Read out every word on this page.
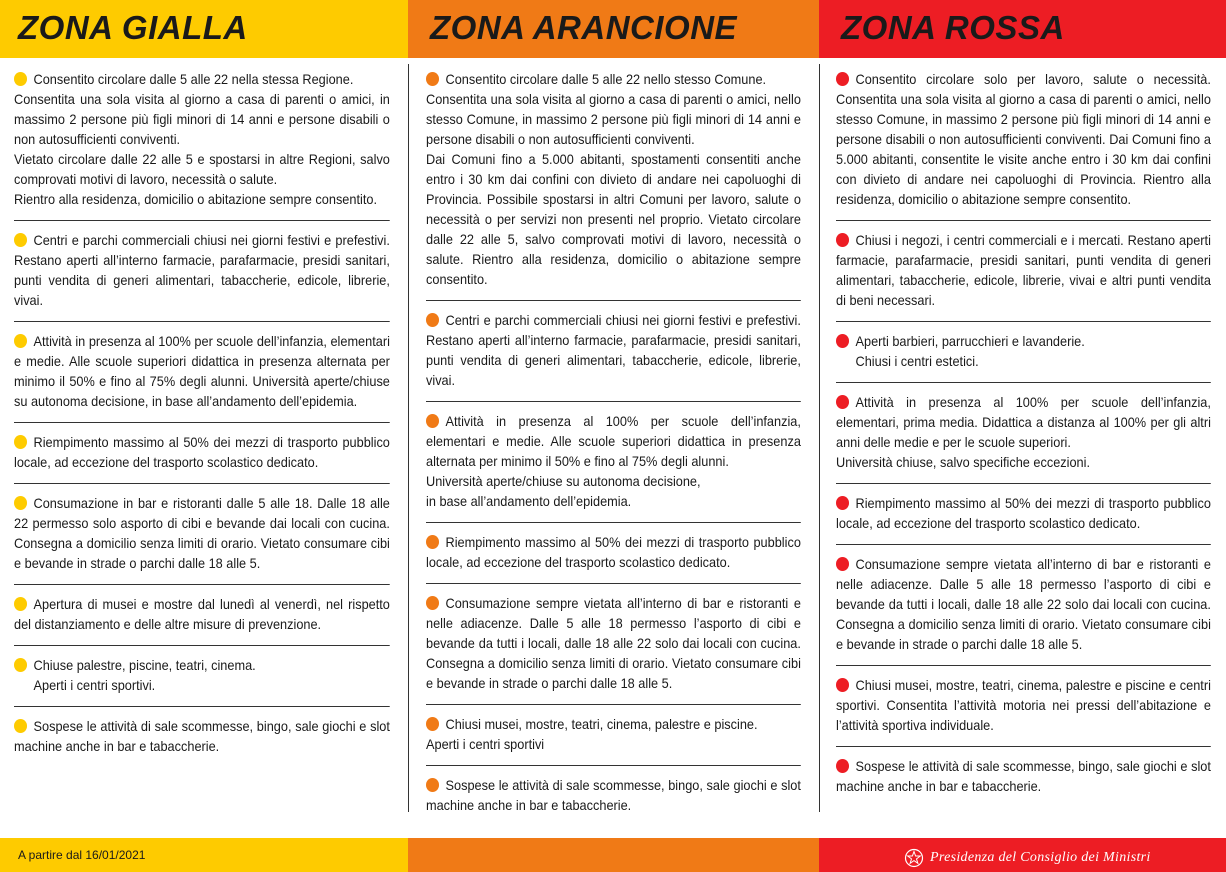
ZONA GIALLA	ZONA ARANCIONE	ZONA ROSSA

Consentito circolare dalle 5 alle 22 nella stessa Regione.

Consentita una sola visita al giorno a casa di parenti o amici, in massimo 2 persone più figli minori di 14 anni e persone disabili o non autosufficienti conviventi.

Vietato circolare dalle 22 alle 5 e spostarsi in altre Regioni, salvo comprovati motivi di lavoro, necessità o salute.

Rientro alla residenza, domicilio o abitazione sempre consentito.

Centri e parchi commerciali chiusi nei giorni festivi e prefestivi. Restano aperti all’interno farmacie, parafarmacie, presidi sanitari, punti vendita di generi alimentari, tabaccherie, edicole, librerie, vivai.

Attività in presenza al 100% per scuole dell’infanzia, elementari e medie. Alle scuole superiori didattica in presenza alternata per minimo il 50% e fino al 75% degli alunni. Università aperte/chiuse su autonoma decisione, in base all’andamento dell’epidemia.

Riempimento massimo al 50% dei mezzi di trasporto pubblico locale, ad eccezione del trasporto scolastico dedicato.

Consumazione in bar e ristoranti dalle 5 alle 18. Dalle 18 alle 22 permesso solo asporto di cibi e bevande dai locali con cucina. Consegna a domicilio senza limiti di orario. Vietato consumare cibi e bevande in strade o parchi dalle 18 alle 5.

Apertura di musei e mostre dal lunedì al venerdì, nel rispetto del distanziamento e delle altre misure di prevenzione.

Chiuse palestre, piscine, teatri, cinema.

Aperti i centri sportivi.

Sospese le attività di sale scommesse, bingo, sale giochi e slot machine anche in bar e tabaccherie.

Consentito circolare dalle 5 alle 22 nello stesso Comune.

Consentita una sola visita al giorno a casa di parenti o amici, nello stesso Comune, in massimo 2 persone più figli minori di 14 anni e persone disabili o non autosufficienti conviventi.

Dai Comuni fino a 5.000 abitanti, spostamenti consentiti anche entro i 30 km dai confini con divieto di andare nei capoluoghi di Provincia. Possibile spostarsi in altri Comuni per lavoro, salute o necessità o per servizi non presenti nel proprio. Vietato circolare dalle 22 alle 5, salvo comprovati motivi di lavoro, necessità o salute. Rientro alla residenza, domicilio o abitazione sempre consentito.

Centri e parchi commerciali chiusi nei giorni festivi e prefestivi. Restano aperti all’interno farmacie, parafarmacie, presidi sanitari, punti vendita di generi alimentari, tabaccherie, edicole, librerie, vivai.

Attività in presenza al 100% per scuole dell’infanzia, elementari e medie. Alle scuole superiori didattica in presenza alternata per minimo il 50% e fino al 75% degli alunni.

Università aperte/chiuse su autonoma decisione,

in base all’andamento dell’epidemia.

Riempimento massimo al 50% dei mezzi di trasporto pubblico locale, ad eccezione del trasporto scolastico dedicato.

Consumazione sempre vietata all’interno di bar e ristoranti e nelle adiacenze. Dalle 5 alle 18 permesso l’asporto di cibi e bevande da tutti i locali, dalle 18 alle 22 solo dai locali con cucina. Consegna a domicilio senza limiti di orario. Vietato consumare cibi e bevande in strade o parchi dalle 18 alle 5.

Chiusi musei, mostre, teatri, cinema, palestre e piscine.

Aperti i centri sportivi

Sospese le attività di sale scommesse, bingo, sale giochi e slot machine anche in bar e tabaccherie.

Consentito circolare solo per lavoro, salute o necessità. Consentita una sola visita al giorno a casa di parenti o amici, nello stesso Comune, in massimo 2 persone più figli minori di 14 anni e persone disabili o non autosufficienti conviventi. Dai Comuni fino a 5.000 abitanti, consentite le visite anche entro i 30 km dai confini con divieto di andare nei capoluoghi di Provincia. Rientro alla residenza, domicilio o abitazione sempre consentito.

Chiusi i negozi, i centri commerciali e i mercati. Restano aperti farmacie, parafarmacie, presidi sanitari, punti vendita di generi alimentari, tabaccherie, edicole, librerie, vivai e altri punti vendita di beni necessari.

Aperti barbieri, parrucchieri e lavanderie.

Chiusi i centri estetici.

Attività in presenza al 100% per scuole dell’infanzia, elementari, prima media. Didattica a distanza al 100% per gli altri anni delle medie e per le scuole superiori.

Università chiuse, salvo specifiche eccezioni.

Riempimento massimo al 50% dei mezzi di trasporto pubblico locale, ad eccezione del trasporto scolastico dedicato.

Consumazione sempre vietata all’interno di bar e ristoranti e nelle adiacenze. Dalle 5 alle 18 permesso l’asporto di cibi e bevande da tutti i locali, dalle 18 alle 22 solo dai locali con cucina. Consegna a domicilio senza limiti di orario. Vietato consumare cibi e bevande in strade o parchi dalle 18 alle 5.

Chiusi musei, mostre, teatri, cinema, palestre e piscine e centri sportivi. Consentita l’attività motoria nei pressi dell’abitazione e l’attività sportiva individuale.

Sospese le attività di sale scommesse, bingo, sale giochi e slot machine anche in bar e tabaccherie.

A partire dal 16/01/2021	Presidenza del Consiglio dei Ministri
